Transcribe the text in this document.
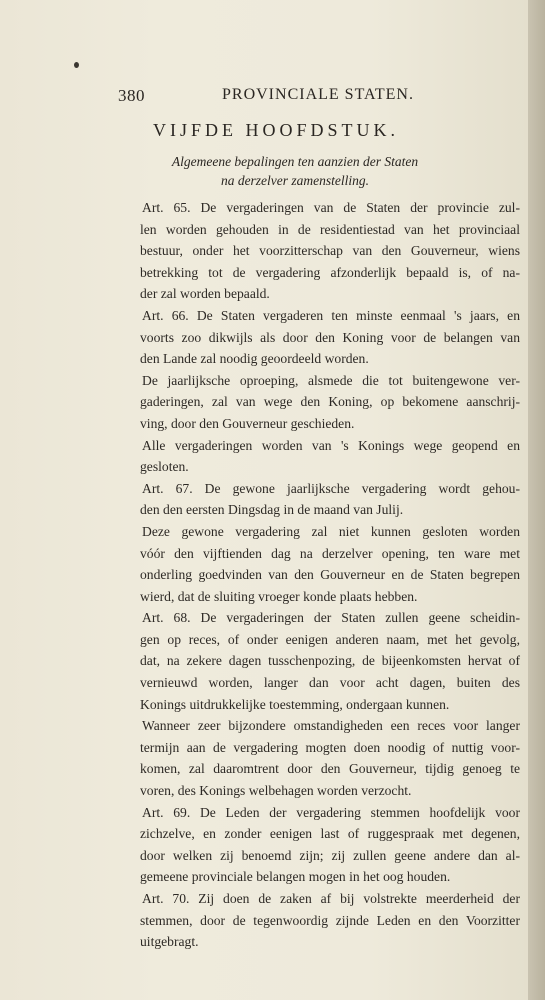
380	PROVINCIALE STATEN.
VIJFDE HOOFDSTUK.
Algemeene bepalingen ten aanzien der Staten
na derzelver zamenstelling.
Art. 65. De vergaderingen van de Staten der provincie zul-
len worden gehouden in de residentiestad van het provinciaal
bestuur, onder het voorzitterschap van den Gouverneur, wiens
betrekking tot de vergadering afzonderlijk bepaald is, of na-
der zal worden bepaald.
Art. 66. De Staten vergaderen ten minste eenmaal 's jaars, en
voorts zoo dikwijls als door den Koning voor de belangen van
den Lande zal noodig geoordeeld worden.
De jaarlijksche oproeping, alsmede die tot buitengewone ver-
gaderingen, zal van wege den Koning, op bekomene aanschrij-
ving, door den Gouverneur geschieden.
Alle vergaderingen worden van 's Konings wege geopend en
gesloten.
Art. 67. De gewone jaarlijksche vergadering wordt gehou-
den den eersten Dingsdag in de maand van Julij.
Deze gewone vergadering zal niet kunnen gesloten worden
vóór den vijftienden dag na derzelver opening, ten ware met
onderling goedvinden van den Gouverneur en de Staten begrepen
wierd, dat de sluiting vroeger konde plaats hebben.
Art. 68. De vergaderingen der Staten zullen geene scheidin-
gen op reces, of onder eenigen anderen naam, met het gevolg,
dat, na zekere dagen tusschenpozing, de bijeenkomsten hervat of
vernieuwd worden, langer dan voor acht dagen, buiten des
Konings uitdrukkelijke toestemming, ondergaan kunnen.
Wanneer zeer bijzondere omstandigheden een reces voor langer
termijn aan de vergadering mogten doen noodig of nuttig voor-
komen, zal daaromtrent door den Gouverneur, tijdig genoeg te
voren, des Konings welbehagen worden verzocht.
Art. 69. De Leden der vergadering stemmen hoofdelijk voor
zichzelve, en zonder eenigen last of ruggespraak met degenen,
door welken zij benoemd zijn; zij zullen geene andere dan al-
gemeene provinciale belangen mogen in het oog houden.
Art. 70. Zij doen de zaken af bij volstrekte meerderheid der
stemmen, door de tegenwoordig zijnde Leden en den Voorzitter
uitgebragt.
